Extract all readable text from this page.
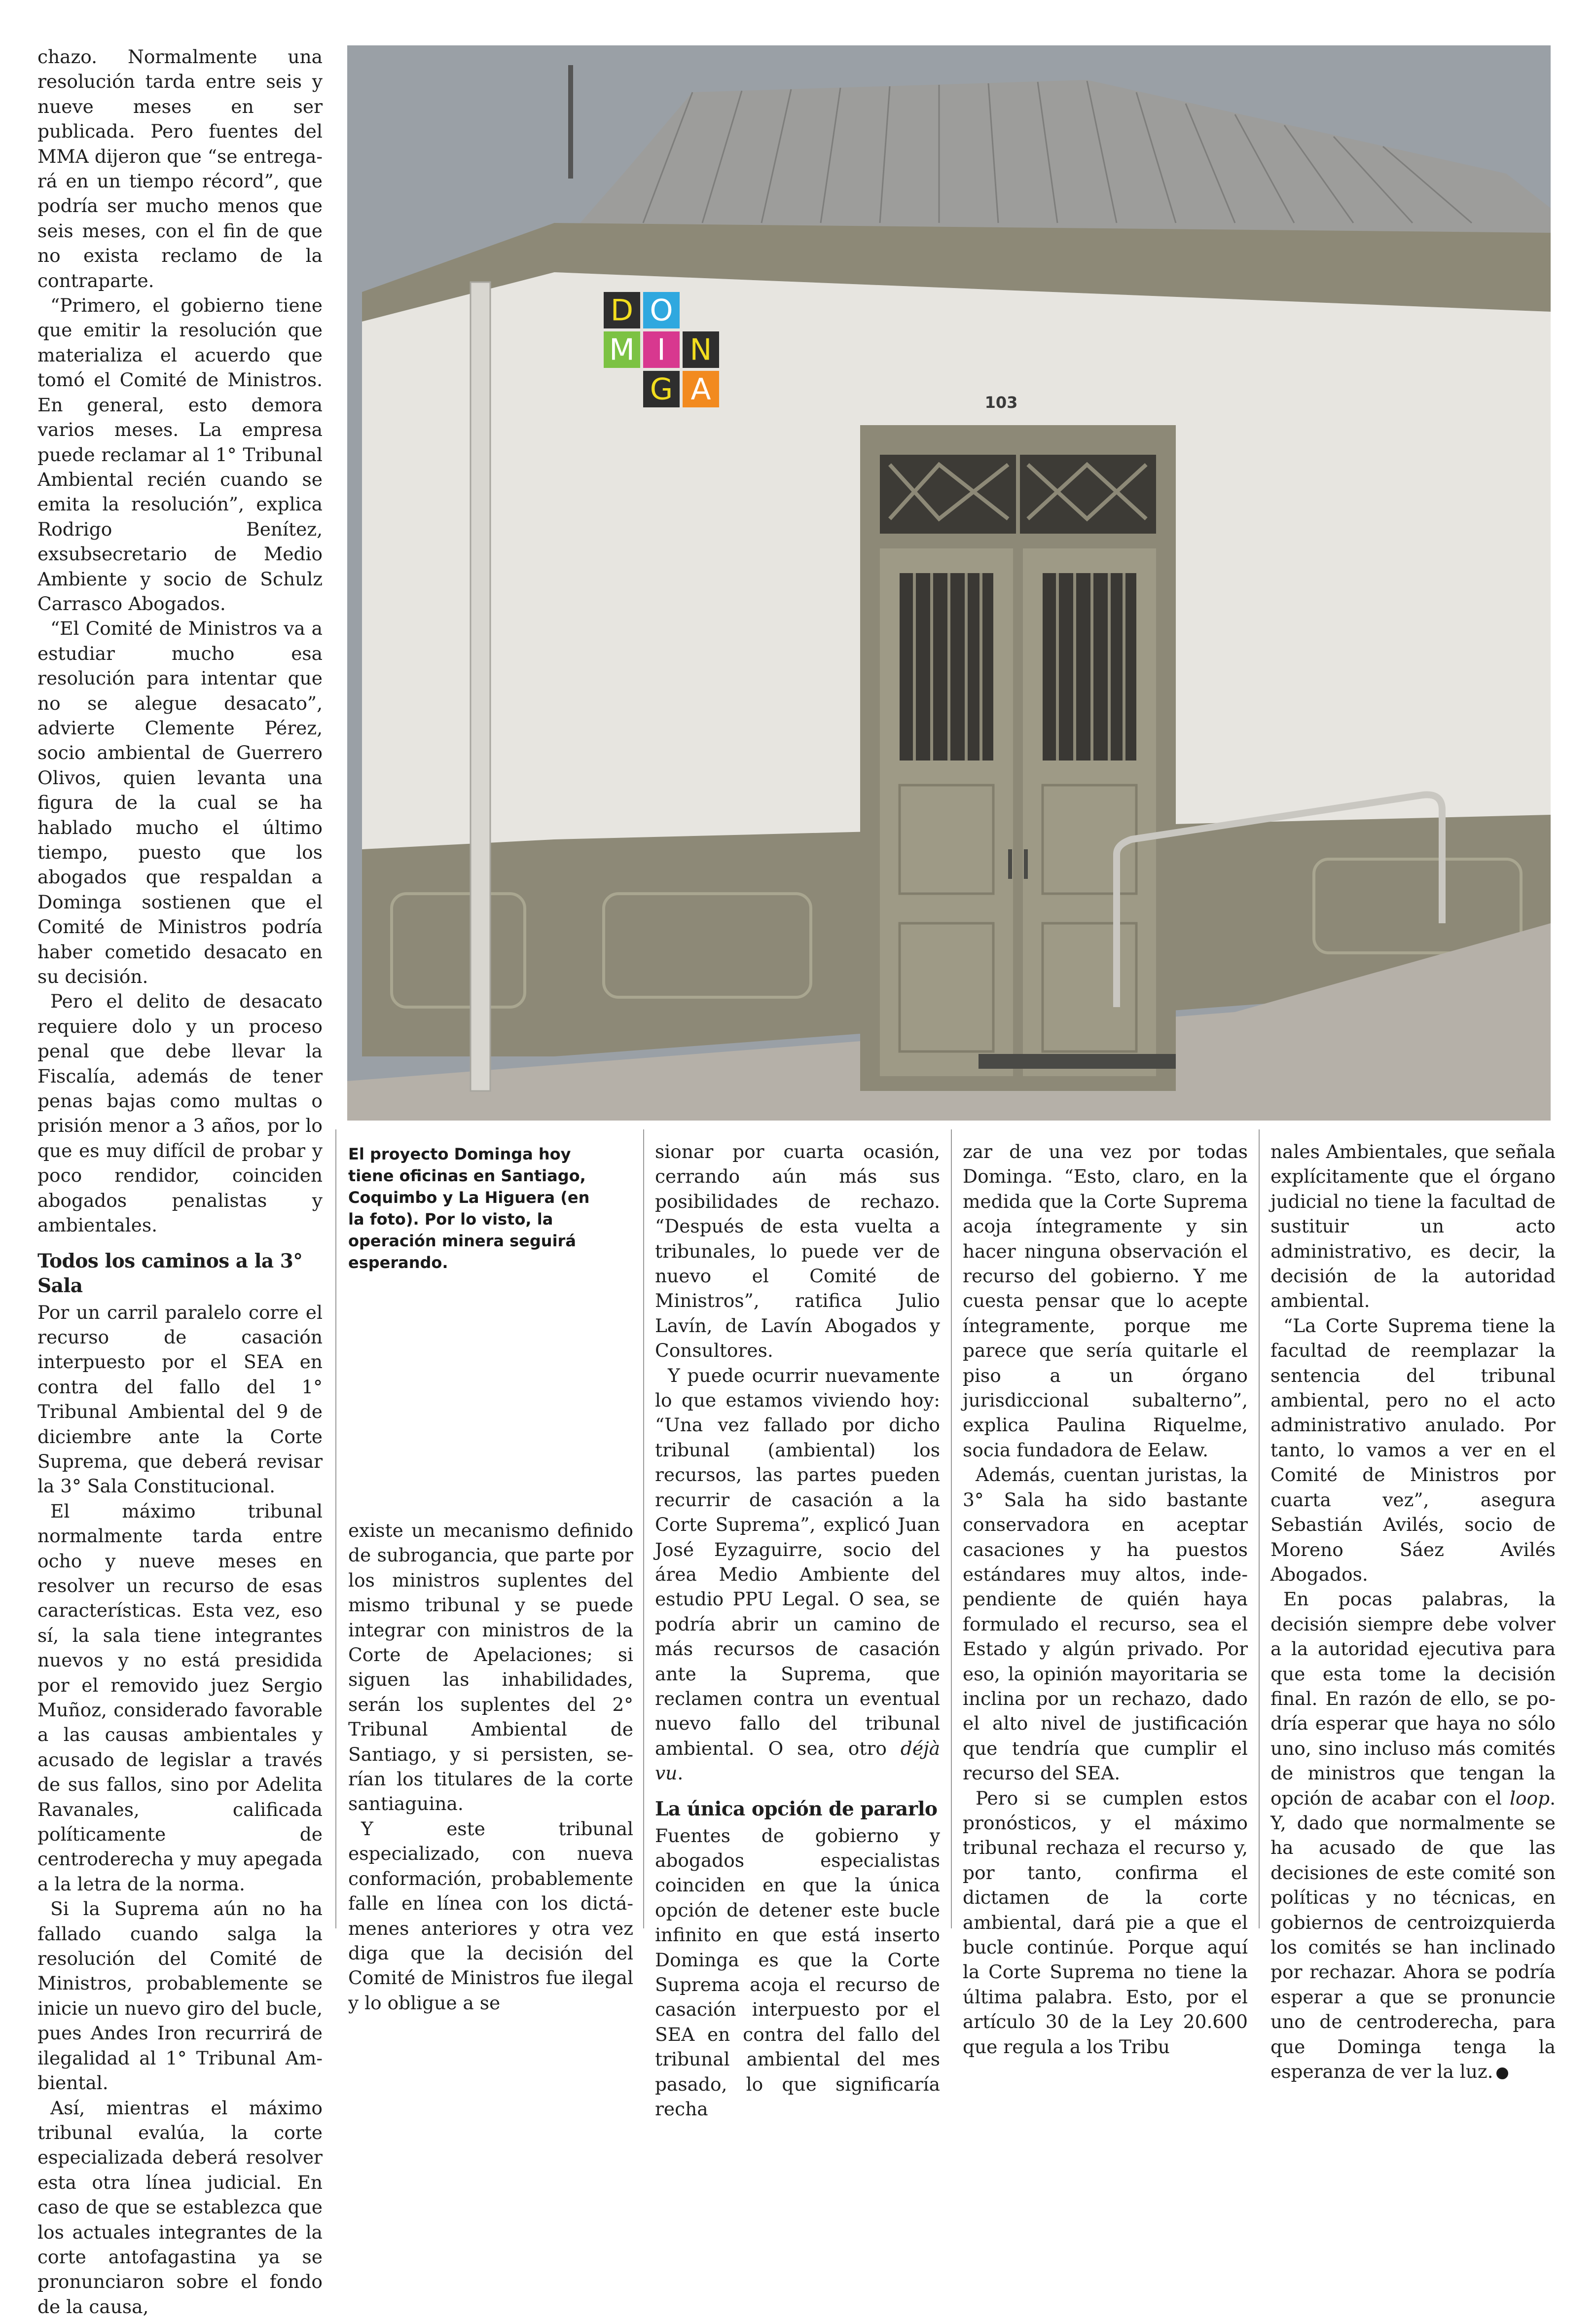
chazo. Normalmente una resolución tarda entre seis y nueve meses en ser publicada. Pero fuentes del MMA dijeron que “se entregará en un tiempo récord”, que podría ser mucho menos que seis meses, con el fin de que no exista reclamo de la contraparte.

“Primero, el gobierno tiene que emitir la resolución que materializa el acuerdo que tomó el Comité de Ministros. En general, esto demora varios meses. La empresa puede reclamar al 1° Tribunal Ambiental recién cuando se emita la resolución”, explica Rodrigo Benítez, exsubsecretario de Medio Ambiente y socio de Schulz Carrasco Abogados.

“El Comité de Ministros va a estudiar mucho esa resolución para intentar que no se alegue desacato”, advierte Clemente Pérez, socio ambiental de Guerrero Olivos, quien levanta una figura de la cual se ha hablado mucho el último tiempo, puesto que los abogados que respaldan a Dominga sostienen que el Comité de Ministros podría haber cometido desacato en su decisión.

Pero el delito de desacato requiere dolo y un proceso penal que debe llevar la Fiscalía, además de tener penas bajas como multas o prisión menor a 3 años, por lo que es muy difícil de probar y poco rendidor, coinciden abogados penalistas y ambientales.

Todos los caminos a la 3° Sala

Por un carril paralelo corre el recurso de casación interpuesto por el SEA en contra del fallo del 1° Tribunal Ambiental del 9 de diciembre ante la Corte Suprema, que deberá revisar la 3° Sala Constitucional.

El máximo tribunal normalmente tarda entre ocho y nueve meses en resolver un recurso de esas características. Esta vez, eso sí, la sala tiene integrantes nuevos y no está presidida por el removido juez Sergio Muñoz, considerado favorable a las causas ambientales y acusado de legislar a través de sus fallos, sino por Adelita Ravanales, calificada políticamente de centroderecha y muy apegada a la letra de la norma.

Si la Suprema aún no ha fallado cuando salga la resolución del Comité de Ministros, probablemente se inicie un nuevo giro del bucle, pues Andes Iron recurrirá de ilegalidad al 1° Tribunal Ambiental.

Así, mientras el máximo tribunal evalúa, la corte especializada deberá resolver esta otra línea judicial. En caso de que se establezca que los actuales integrantes de la corte antofagastina ya se pronunciaron sobre el fondo de la causa,

103
D O
M I N
G A
El proyecto Dominga hoy tiene oficinas en Santiago, Coquimbo y La Higuera (en la foto). Por lo visto, la operación minera seguirá esperando.

existe un mecanismo definido de subrogancia, que parte por los ministros suplentes del mismo tribunal y se puede integrar con ministros de la Corte de Apelaciones; si siguen las inhabilidades, serán los suplentes del 2° Tribunal Ambiental de Santiago, y si persisten, serían los titulares de la corte santiaguina.

Y este tribunal especializado, con nueva conformación, probablemente falle en línea con los dictámenes anteriores y otra vez diga que la decisión del Comité de Ministros fue ilegal y lo obligue a se

sionar por cuarta ocasión, cerrando aún más sus posibilidades de rechazo. “Después de esta vuelta a tribunales, lo puede ver de nuevo el Comité de Ministros”, ratifica Julio Lavín, de Lavín Abogados y Consultores.

Y puede ocurrir nuevamente lo que estamos viviendo hoy: “Una vez fallado por dicho tribunal (ambiental) los recursos, las partes pueden recurrir de casación a la Corte Suprema”, explicó Juan José Eyzaguirre, socio del área Medio Ambiente del estudio PPU Legal. O sea, se podría abrir un camino de más recursos de casación ante la Suprema, que reclamen contra un eventual nuevo fallo del tribunal ambiental. O sea, otro déjà vu.

La única opción de pararlo

Fuentes de gobierno y abogados especialistas coinciden en que la única opción de detener este bucle infinito en que está inserto Dominga es que la Corte Suprema acoja el recurso de casación interpuesto por el SEA en contra del fallo del tribunal ambiental del mes pasado, lo que significaría recha

zar de una vez por todas Dominga. “Esto, claro, en la medida que la Corte Suprema acoja íntegramente y sin hacer ninguna observación el recurso del gobierno. Y me cuesta pensar que lo acepte íntegramente, porque me parece que sería quitarle el piso a un órgano jurisdiccional subalterno”, explica Paulina Riquelme, socia fundadora de Eelaw.

Además, cuentan juristas, la 3° Sala ha sido bastante conservadora en aceptar casaciones y ha puestos estándares muy altos, independiente de quién haya formulado el recurso, sea el Estado y algún privado. Por eso, la opinión mayoritaria se inclina por un rechazo, dado el alto nivel de justificación que tendría que cumplir el recurso del SEA.

Pero si se cumplen estos pronósticos, y el máximo tribunal rechaza el recurso y, por tanto, confirma el dictamen de la corte ambiental, dará pie a que el bucle continúe. Porque aquí la Corte Suprema no tiene la última palabra. Esto, por el artículo 30 de la Ley 20.600 que regula a los Tribu

nales Ambientales, que señala explícitamente que el órgano judicial no tiene la facultad de sustituir un acto administrativo, es decir, la decisión de la autoridad ambiental.

“La Corte Suprema tiene la facultad de reemplazar la sentencia del tribunal ambiental, pero no el acto administrativo anulado. Por tanto, lo vamos a ver en el Comité de Ministros por cuarta vez”, asegura Sebastián Avilés, socio de Moreno Sáez Avilés Abogados.

En pocas palabras, la decisión siempre debe volver a la autoridad ejecutiva para que esta tome la decisión final. En razón de ello, se podría esperar que haya no sólo uno, sino incluso más comités de ministros que tengan la opción de acabar con el loop. Y, dado que normalmente se ha acusado de que las decisiones de este comité son políticas y no técnicas, en gobiernos de centroizquierda los comités se han inclinado por rechazar. Ahora se podría esperar a que se pronuncie uno de centroderecha, para que Dominga tenga la esperanza de ver la luz. P
